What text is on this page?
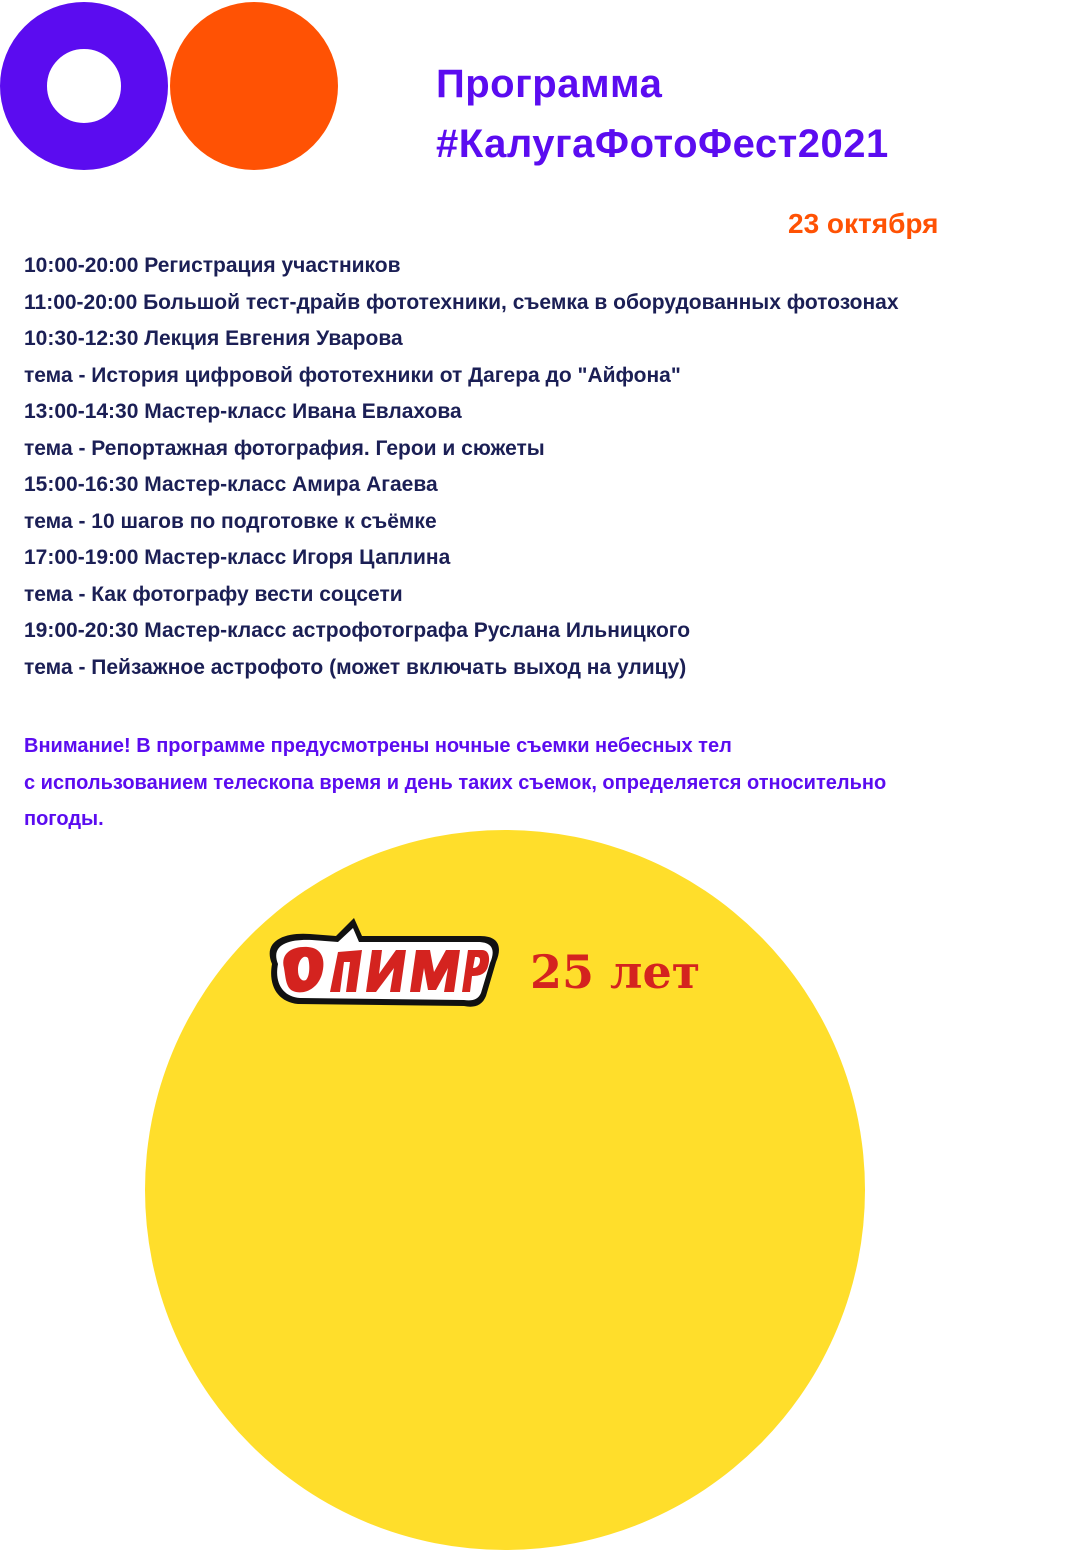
Программа
#КалугаФотоФест2021
23 октября
10:00-20:00 Регистрация участников
11:00-20:00 Большой тест-драйв фототехники, съемка в оборудованных фотозонах
10:30-12:30 Лекция Евгения Уварова
тема - История цифровой фототехники от Дагера до "Айфона"
13:00-14:30 Мастер-класс Ивана Евлахова
тема - Репортажная фотография. Герои и сюжеты
15:00-16:30 Мастер-класс Амира Агаева
тема - 10 шагов по подготовке к съёмке
17:00-19:00 Мастер-класс Игоря Цаплина
тема - Как фотографу вести соцсети
19:00-20:30 Мастер-класс астрофотографа Руслана Ильницкого
тема - Пейзажное астрофото (может включать выход на улицу)
Внимание! В программе предусмотрены ночные съемки небесных тел
с использованием телескопа время и день таких съемок, определяется относительно
погоды.
25 лет
